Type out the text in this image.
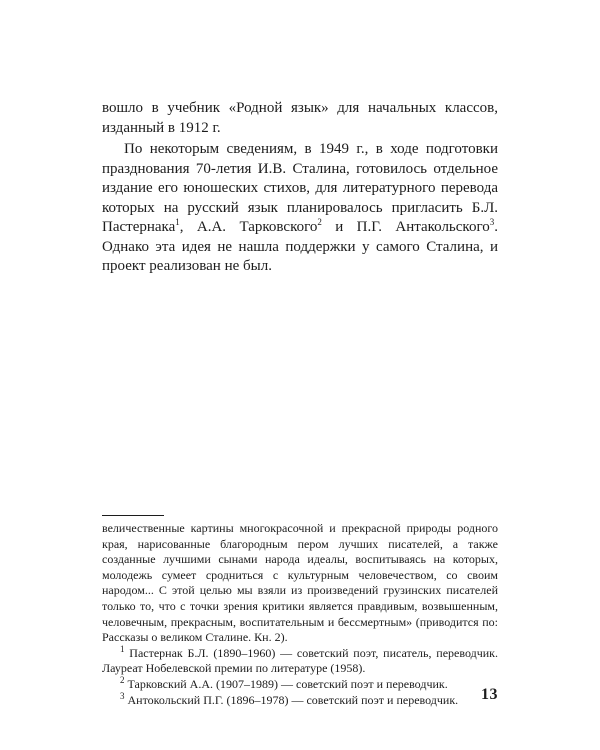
вошло в учебник «Родной язык» для начальных классов, изданный в 1912 г.

По некоторым сведениям, в 1949 г., в ходе подготовки празднования 70-летия И.В. Сталина, готовилось отдельное издание его юношеских стихов, для литературного перевода которых на русский язык планировалось пригласить Б.Л. Пастернака$^1$, А.А. Тарковского$^2$ и П.Г. Антакольского$^3$. Однако эта идея не нашла поддержки у самого Сталина, и проект реализован не был.

величественные картины многокрасочной и прекрасной природы родного края, нарисованные благородным пером лучших писателей, а также созданные лучшими сынами народа идеалы, воспитываясь на которых, молодежь сумеет сродниться с культурным человечеством, со своим народом... С этой целью мы взяли из произведений грузинских писателей только то, что с точки зрения критики является правдивым, возвышенным, человечным, прекрасным, воспитательным и бессмертным» (приводится по: Рассказы о великом Сталине. Кн. 2).

$^1$ Пастернак Б.Л. (1890–1960) — советский поэт, писатель, переводчик. Лауреат Нобелевской премии по литературе (1958).

$^2$ Тарковский А.А. (1907–1989) — советский поэт и переводчик.

$^3$ Антокольский П.Г. (1896–1978) — советский поэт и переводчик.	13
